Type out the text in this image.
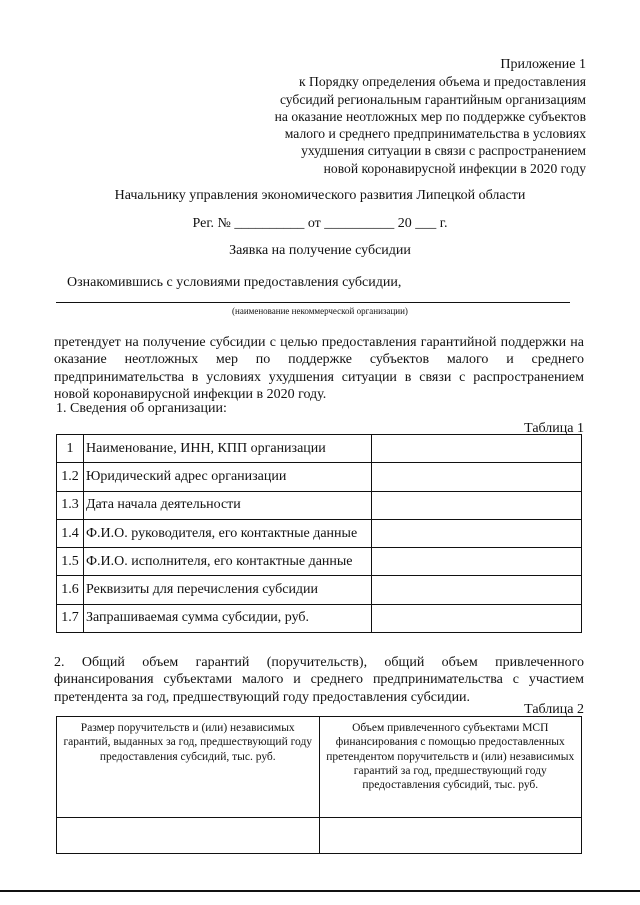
Приложение 1
к Порядку определения объема и предоставления
субсидий региональным гарантийным организациям
на оказание неотложных мер по поддержке субъектов
малого и среднего предпринимательства в условиях
ухудшения ситуации в связи с распространением
новой коронавирусной инфекции в 2020 году
Начальнику управления экономического развития Липецкой области
Рег. № __________ от __________ 20 ___ г.
Заявка на получение субсидии
Ознакомившись с условиями предоставления субсидии,
(наименование некоммерческой организации)
претендует на получение субсидии с целью предоставления гарантийной поддержки на оказание неотложных мер по поддержке субъектов малого и среднего предпринимательства в условиях ухудшения ситуации в связи с распространением новой коронавирусной инфекции в 2020 году.
1. Сведения об организации:
Таблица 1
1	Наименование, ИНН, КПП организации	
1.2	Юридический адрес организации	
1.3	Дата начала деятельности	
1.4	Ф.И.О. руководителя, его контактные данные	
1.5	Ф.И.О. исполнителя, его контактные данные	
1.6	Реквизиты для перечисления субсидии	
1.7	Запрашиваемая сумма субсидии, руб.	
2. Общий объем гарантий (поручительств), общий объем привлеченного финансирования субъектами малого и среднего предпринимательства с участием претендента за год, предшествующий году предоставления субсидии.
Таблица 2
Размер поручительств и (или) независимых гарантий, выданных за год, предшествующий году предоставления субсидий, тыс. руб.	Объем привлеченного субъектами МСП финансирования с помощью предоставленных претендентом поручительств и (или) независимых гарантий за год, предшествующий году предоставления субсидий, тыс. руб.
